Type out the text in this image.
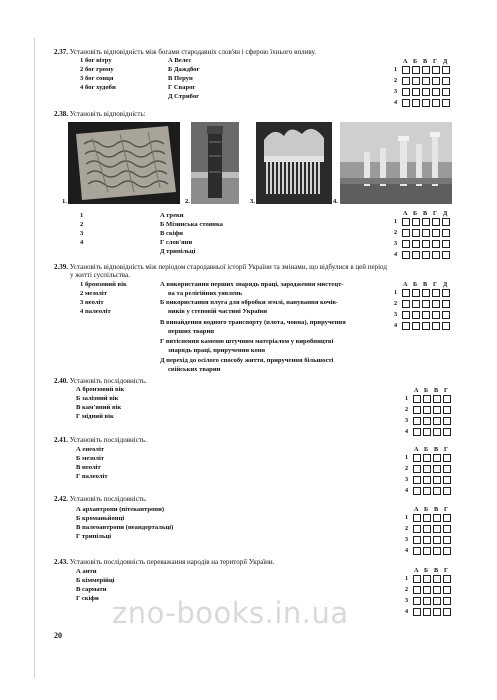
2.37. Установіть відповідність між богами стародавніх слов'ян і сферою їхнього впливу.
1 бог вітру
2 бог грому
3 бог сонця
4 бог худоби
А Велес
Б Даждбог
В Перун
Г Сварог
Д Стрибог
А Б В Г Д
1
2
3
4
2.38. Установіть відповідність:
1.	2.	3.	4.
1
2
3
4
А греки
Б Мізинська стоянка
В скіфи
Г слов'яни
Д трипільці
А Б В Г Д
1
2
3
4
2.39. Установіть відповідність між періодом стародавньої історії України та змінами, що відбулися в цей період
у житті суспільства.
1 бронзовий вік
2 мезоліт
3 неоліт
4 палеоліт
А використання перших знарядь праці, зародження мистецт-
ва та релігійних уявлень
Б використання плуга для обробки землі, панування кочів-
ників у степовій частині України
В винайдення водного транспорту (плота, човна), приручення
перших тварин
Г витіснення каменю штучним матеріалом у виробництві
знарядь праці, приручення коня
Д перехід до осілого способу життя, приручення більшості
свійських тварин
А Б В Г Д
1
2
3
4
2.40. Установіть послідовність.
А бронзовий вік
Б залізний вік
В кам'яний вік
Г мідний вік
А Б В Г
1
2
3
4
2.41. Установіть послідовність.
А енеоліт
Б мезоліт
В неоліт
Г палеоліт
А Б В Г
1
2
3
4
2.42. Установіть послідовність.
А архантропи (пітекантропи)
Б кроманьйонці
В палеоантропи (неандертальці)
Г трипільці
А Б В Г
1
2
3
4
2.43. Установіть послідовність переважання народів на території України.
А анти
Б кіммерійці
В сармати
Г скіфи
А Б В Г
1
2
3
4
zno-books.in.ua
20
